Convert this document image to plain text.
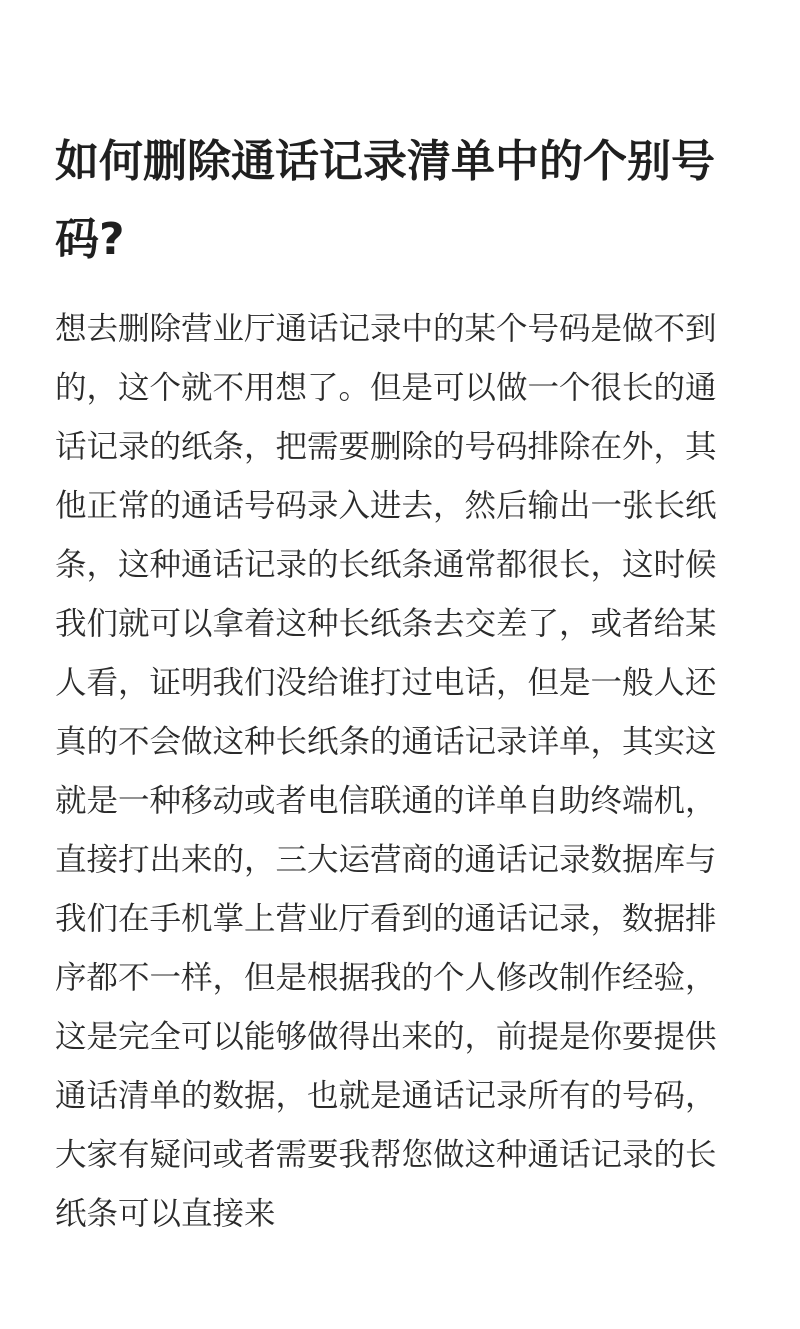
如何删除通话记录清单中的个别号码?

想去删除营业厅通话记录中的某个号码是做不到的，这个就不用想了。但是可以做一个很长的通话记录的纸条，把需要删除的号码排除在外，其他正常的通话号码录入进去，然后输出一张长纸条，这种通话记录的长纸条通常都很长，这时候我们就可以拿着这种长纸条去交差了，或者给某人看，证明我们没给谁打过电话，但是一般人还真的不会做这种长纸条的通话记录详单，其实这就是一种移动或者电信联通的详单自助终端机，直接打出来的，三大运营商的通话记录数据库与我们在手机掌上营业厅看到的通话记录，数据排序都不一样，但是根据我的个人修改制作经验，这是完全可以能够做得出来的，前提是你要提供通话清单的数据，也就是通话记录所有的号码，大家有疑问或者需要我帮您做这种通话记录的长纸条可以直接来
